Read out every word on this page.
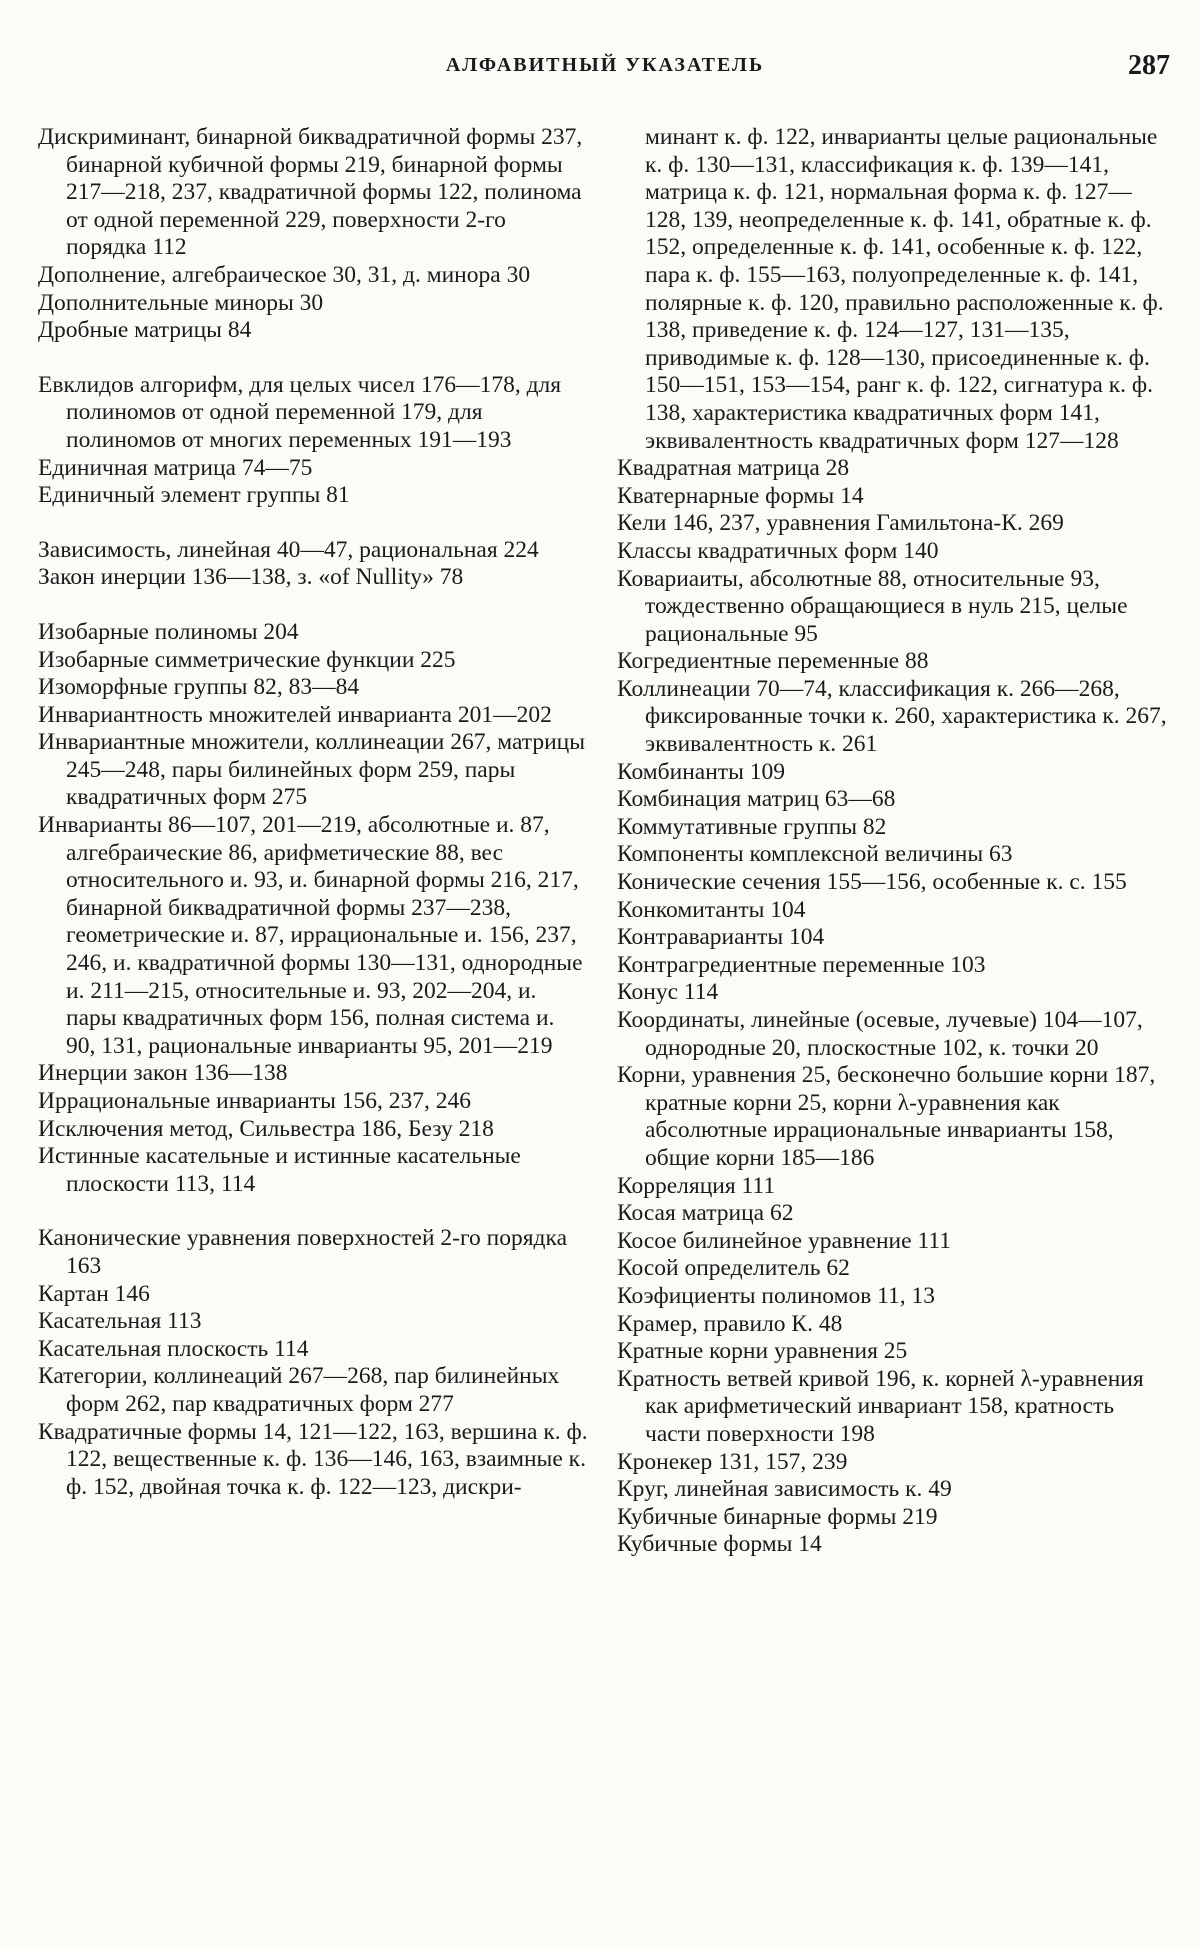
АЛФАВИТНЫЙ УКАЗАТЕЛЬ	287

Дискриминант, бинарной биквадратичной формы 237, бинарной кубичной формы 219, бинарной формы 217—218, 237, квадратичной формы 122, полинома от одной переменной 229, поверхности 2-го порядка 112

Дополнение, алгебраическое 30, 31, д. минора 30

Дополнительные миноры 30

Дробные матрицы 84

Евклидов алгорифм, для целых чисел 176—178, для полиномов от одной переменной 179, для полиномов от многих переменных 191—193

Единичная матрица 74—75

Единичный элемент группы 81

Зависимость, линейная 40—47, рациональная 224

Закон инерции 136—138, з. «of Nullity» 78

Изобарные полиномы 204

Изобарные симметрические функции 225

Изоморфные группы 82, 83—84

Инвариантность множителей инварианта 201—202

Инвариантные множители, коллинеации 267, матрицы 245—248, пары билинейных форм 259, пары квадратичных форм 275

Инварианты 86—107, 201—219, абсолютные и. 87, алгебраические 86, арифметические 88, вес относительного и. 93, и. бинарной формы 216, 217, бинарной биквадратичной формы 237—238, геометрические и. 87, иррациональные и. 156, 237, 246, и. квадратичной формы 130—131, однородные и. 211—215, относительные и. 93, 202—204, и. пары квадратичных форм 156, полная система и. 90, 131, рациональные инварианты 95, 201—219

Инерции закон 136—138

Иррациональные инварианты 156, 237, 246

Исключения метод, Сильвестра 186, Безу 218

Истинные касательные и истинные касательные плоскости 113, 114

Канонические уравнения поверхностей 2-го порядка 163

Картан 146

Касательная 113

Касательная плоскость 114

Категории, коллинеаций 267—268, пар билинейных форм 262, пар квадратичных форм 277

Квадратичные формы 14, 121—122, 163, вершина к. ф. 122, вещественные к. ф. 136—146, 163, взаимные к. ф. 152, двойная точка к. ф. 122—123, дискри-

минант к. ф. 122, инварианты целые рациональные к. ф. 130—131, классификация к. ф. 139—141, матрица к. ф. 121, нормальная форма к. ф. 127—128, 139, неопределенные к. ф. 141, обратные к. ф. 152, определенные к. ф. 141, особенные к. ф. 122, пара к. ф. 155—163, полуопределенные к. ф. 141, полярные к. ф. 120, правильно расположенные к. ф. 138, приведение к. ф. 124—127, 131—135, приводимые к. ф. 128—130, присоединенные к. ф. 150—151, 153—154, ранг к. ф. 122, сигнатура к. ф. 138, характеристика квадратичных форм 141, эквивалентность квадратичных форм 127—128

Квадратная матрица 28

Кватернарные формы 14

Кели 146, 237, уравнения Гамильтона-К. 269

Классы квадратичных форм 140

Ковариаиты, абсолютные 88, относительные 93, тождественно обращающиеся в нуль 215, целые рациональные 95

Когредиентные переменные 88

Коллинеации 70—74, классификация к. 266—268, фиксированные точки к. 260, характеристика к. 267, эквивалентность к. 261

Комбинанты 109

Комбинация матриц 63—68

Коммутативные группы 82

Компоненты комплексной величины 63

Конические сечения 155—156, особенные к. с. 155

Конкомитанты 104

Контраварианты 104

Контрагредиентные переменные 103

Конус 114

Координаты, линейные (осевые, лучевые) 104—107, однородные 20, плоскостные 102, к. точки 20

Корни, уравнения 25, бесконечно большие корни 187, кратные корни 25, корни λ-уравнения как абсолютные иррациональные инварианты 158, общие корни 185—186

Корреляция 111

Косая матрица 62

Косое билинейное уравнение 111

Косой определитель 62

Коэфициенты полиномов 11, 13

Крамер, правило К. 48

Кратные корни уравнения 25

Кратность ветвей кривой 196, к. корней λ-уравнения как арифметический инвариант 158, кратность части поверхности 198

Кронекер 131, 157, 239

Круг, линейная зависимость к. 49

Кубичные бинарные формы 219

Кубичные формы 14
